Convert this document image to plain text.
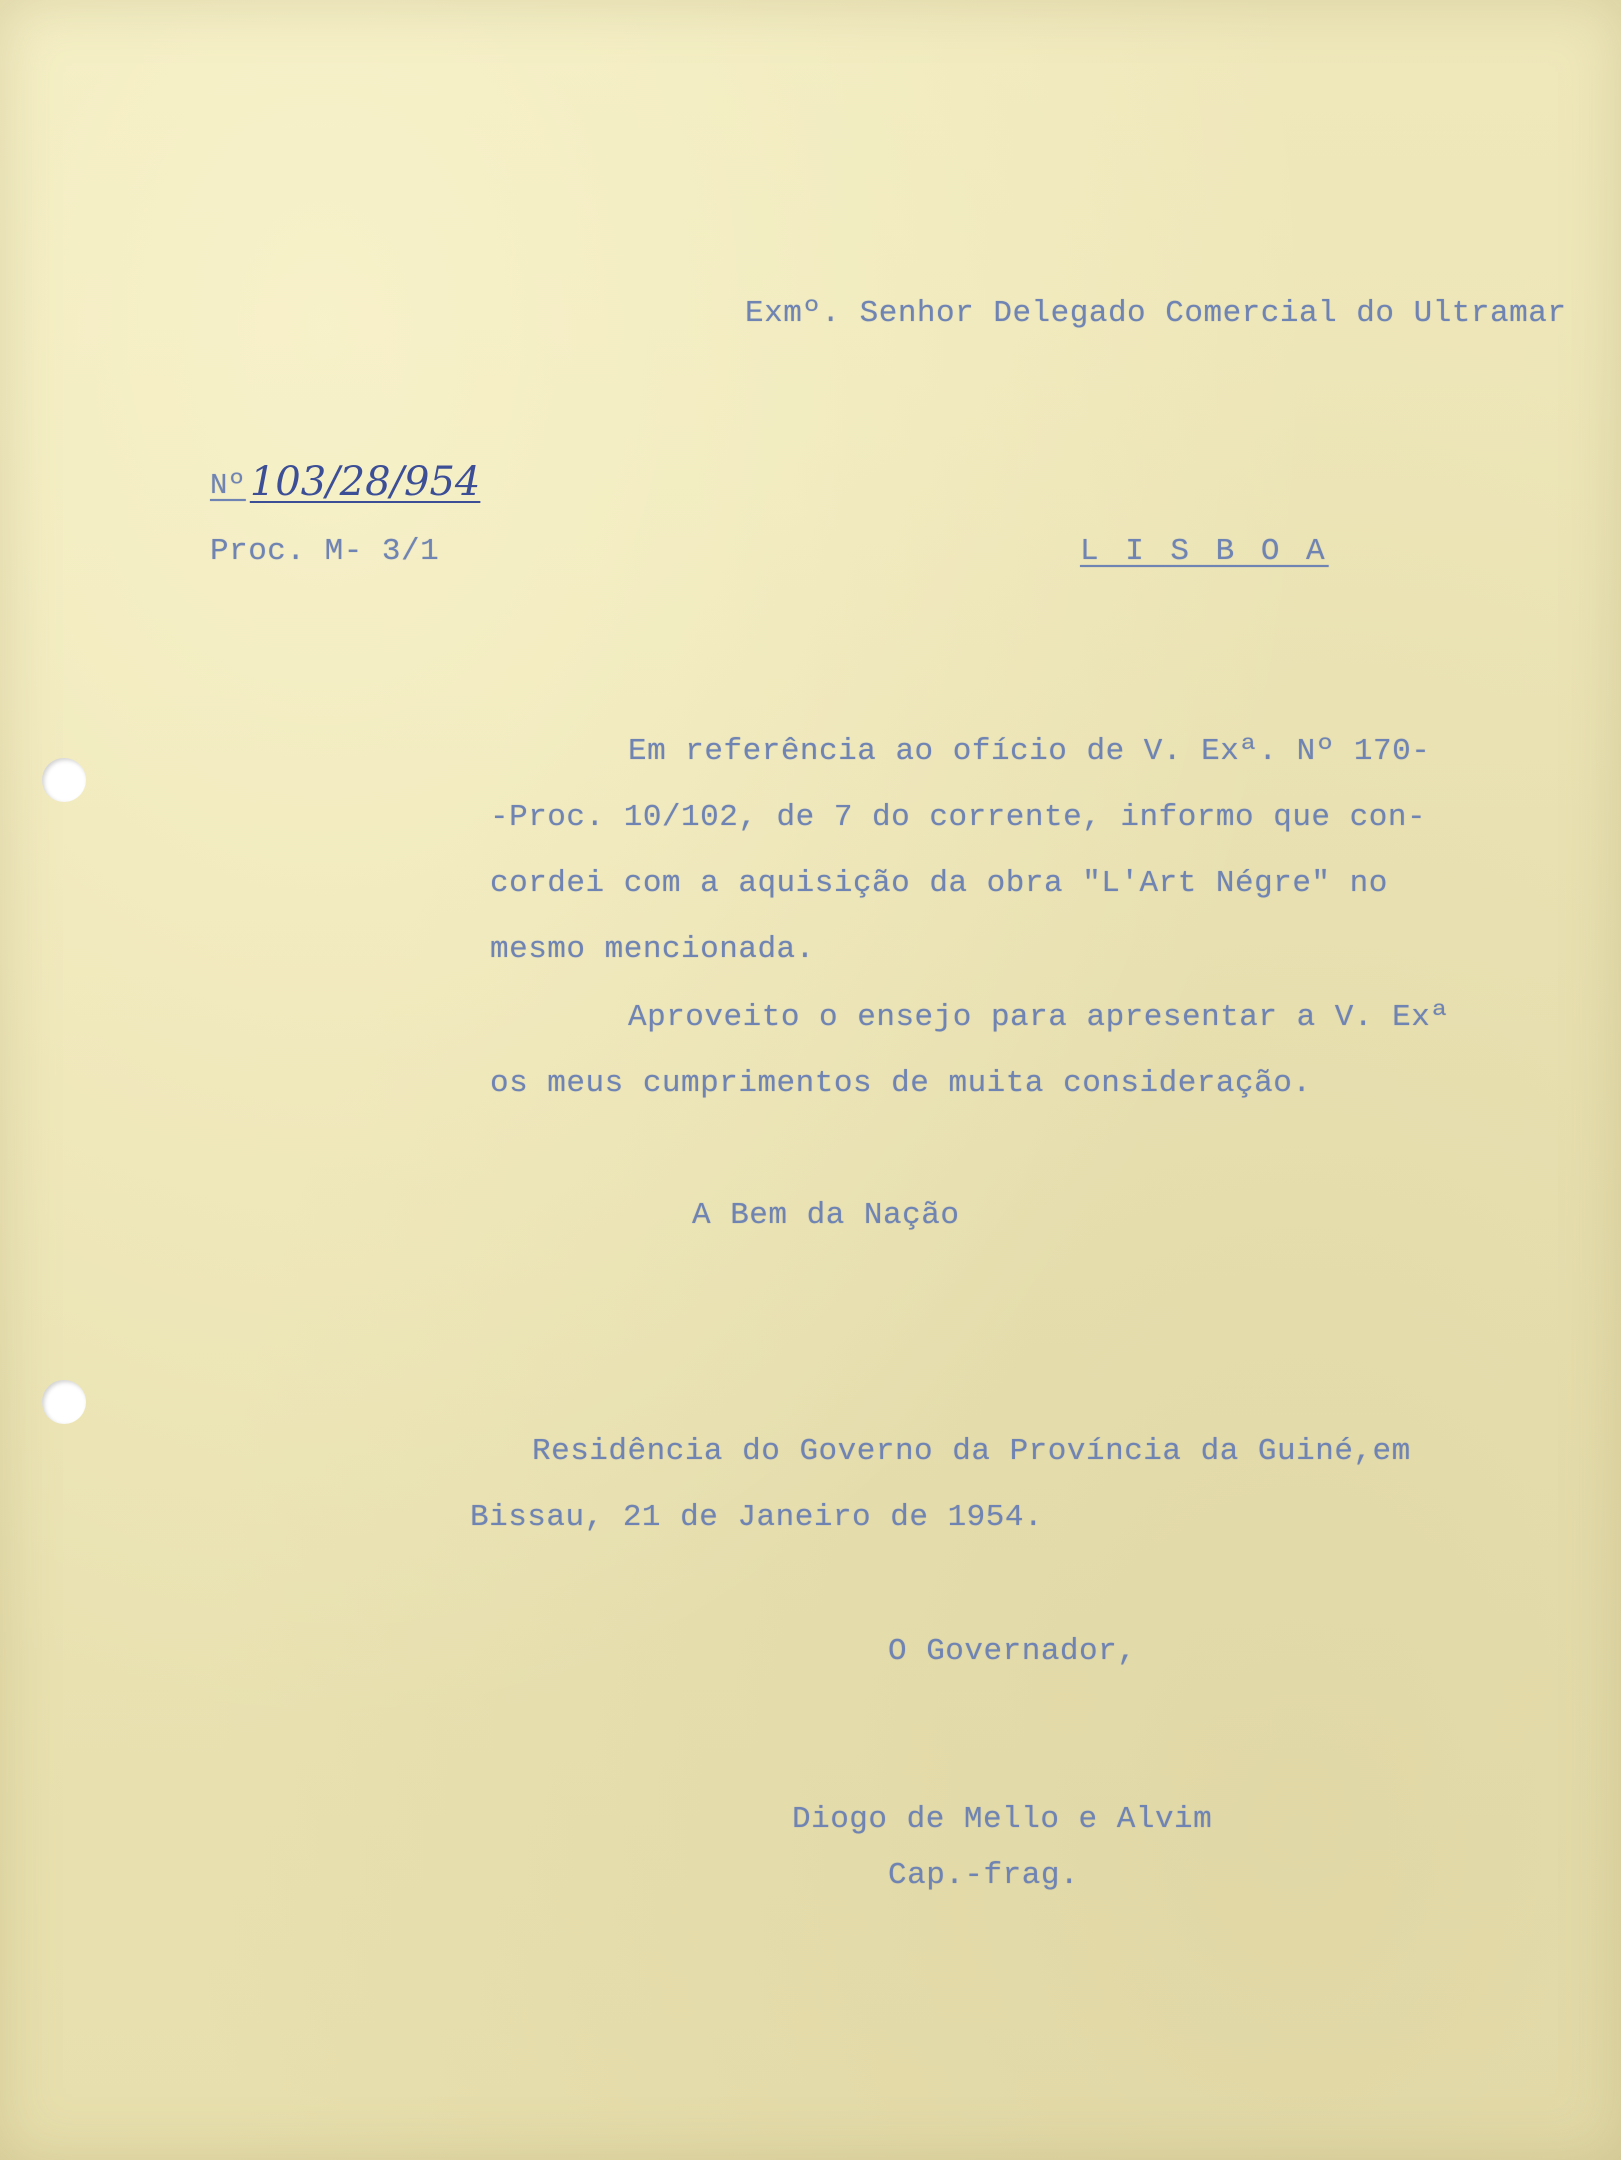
Exmº. Senhor Delegado Comercial do Ultramar
Nº 103/28/954
Proc. M- 3/1	L I S B O A
Em referência ao ofício de V. Exª. Nº 170-
-Proc. 10/102, de 7 do corrente, informo que con-
cordei com a aquisição da obra "L'Art Négre" no
mesmo mencionada.
Aproveito o ensejo para apresentar a V. Exª
os meus cumprimentos de muita consideração.
A Bem da Nação
Residência do Governo da Província da Guiné,em
Bissau, 21 de Janeiro de 1954.
O Governador,
Diogo de Mello e Alvim
Cap.-frag.
